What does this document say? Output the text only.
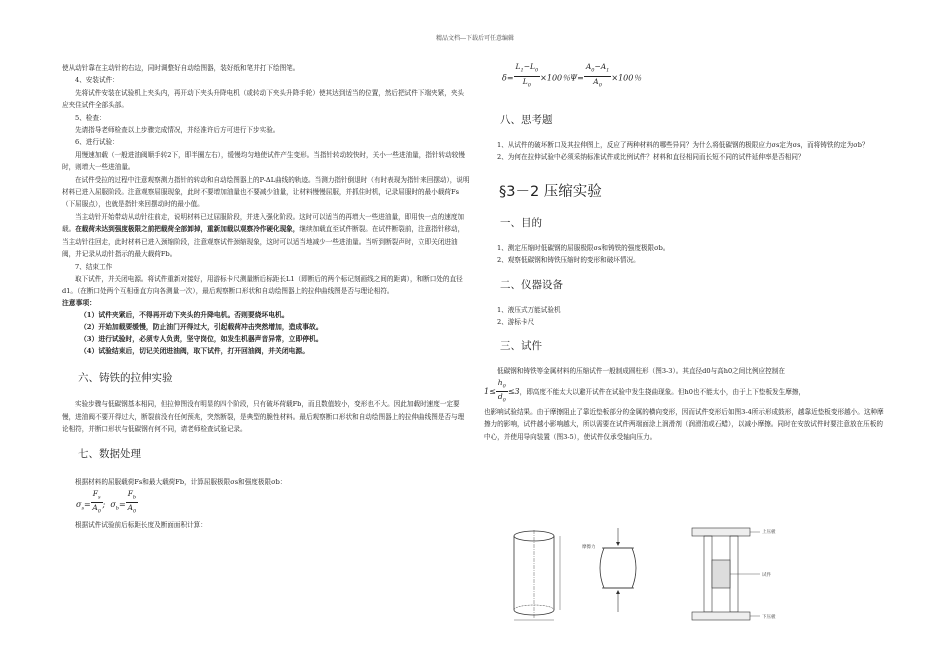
精品文档---下载后可任意编辑

使从动针靠在主动针的右边，同时调整好自动绘图器，装好纸和笔并打下绘图笔。

4、安装试件：

先将试件安装在试验机上夹头内，再开动下夹头升降电机（或转动下夹头升降手轮）使其达到适当的位置，然后把试件下端夹紧，夹头应夹住试件全部头部。

5、检查：

先请指导老师检查以上步骤完成情况，并经准许后方可进行下步实验。

6、进行试验：

用慢速加载（一般进油阀顺手转2下，即半圈左右），缓慢均匀地使试件产生变形。当指针转动较快时，关小一些进油量，指针转动较慢时，则增大一些进油量。

在试件受拉的过程中注意观察测力指针的转动和自动绘图器上的P-ΔL曲线的轨迹。当测力指针倒退时（有时表现为指针来回摆动），说明材料已进入屈服阶段。注意观察屈服现象，此时不要增加油量也不要减少油量，让材料慢慢屈服，并抓住时机，记录屈服时的最小载荷Fs（下屈服点），也就是指针来回摆动时的最小值。

当主动针开始带动从动针往前走，说明材料已过屈服阶段，并进入强化阶段。这时可以适当的再增大一些进油量，即用快一点的速度加载。在载荷未达到强度极限之前把载荷全部卸掉，重新加载以观察冷作硬化现象，继续加载直至试件断裂。在试件断裂前，注意指针移动，当主动针往回走，此时材料已进入颈缩阶段，注意观察试件颈缩现象，这时可以适当地减少一些进油量。当听到断裂声时，立即关闭进油阀，并记录从动针指示的最大载荷Fb。

7、结束工作

取下试件，并关闭电源。将试件重新对接好，用游标卡尺测量断后标距长L1（即断后的两个标记刻画线之间的距离），和断口处的直径d1。（在断口处两个互相垂直方向各测量一次），最后观察断口形状和自动绘图器上的拉伸曲线图是否与理论相符。

注意事项：
（1）试件夹紧后，不得再开动下夹头的升降电机。否则要烧坏电机。
（2）开始加载要缓慢，防止油门开得过大，引起载荷冲击突然增加，造成事故。
（3）进行试验时，必须专人负责，坚守岗位，如发生机器声音异常，立即停机。
（4）试验结束后，切记关闭进油阀，取下试件，打开回油阀，并关闭电源。
六、铸铁的拉伸实验

实验步骤与低碳钢基本相同，但拉伸图没有明显的四个阶段，只有破坏荷载Fb，而且数值较小，变形也不大。因此加载时速度一定要慢，进油阀不要开得过大，断裂前没有任何预兆，突然断裂，是典型的脆性材料。最后观察断口形状和自动绘图器上的拉伸曲线图是否与理论相符，并断口形状与低碳钢有何不同，请老师检查试验记录。

七、数据处理

根据材料的屈服载荷Fs和最大载荷Fb，计算屈服极限σs和强度极限σb：

$\sigma_s= \frac{F_s}{A_0}$ ;  $\sigma_b= \frac{F_b}{A_0}$

根据试件试验前后标距长度及断面面积计算：

$\delta= \frac{L_1-L_0}{L_0} \times 100$％$\Psi= \frac{A_0-A_1}{A_0} \times 100$％
八、思考题

1、从试件的破坏断口及其拉伸图上，反应了两种材料的哪些异同？为什么将低碳钢的极限应力σs定为σs，而将铸铁的定为σb？

2、为何在拉伸试验中必须采纳标准试件或比例试件？材料和直径相同而长短不同的试件延伸率是否相同？

§3－2 压缩实验
一、目的

1、测定压缩时低碳钢的屈服极限σs和铸铁的强度极限σb。

2、观察低碳钢和铸铁压缩时的变形和破坏情况。

二、仪器设备

1、液压式万能试验机

2、游标卡尺

三、试件

低碳钢和铸铁等金属材料的压缩试件一般制成圆柱形（图3-3）。其直径d0与高h0之间比例应控制在

$1\le \frac{h_0}{d_0} \le 3$，即高度不能太大以避开试件在试验中发生挠曲现象。但h0也不能太小，由于上下垫板发生摩擦，

也影响试验结果。由于摩擦阻止了靠近垫板部分的金属的横向变形，因而试件变形后如图3-4所示形成鼓形，越靠近垫板变形越小。这种摩擦力的影响，试件越小影响越大，所以需要在试件两端面涂上润滑剂（润滑油或石蜡），以减小摩擦。同时在安放试件时要注意放在压板的中心，并使用导向装置（图3-5），使试件仅承受轴向压力。

摩擦力
上压板
试件
下压板
